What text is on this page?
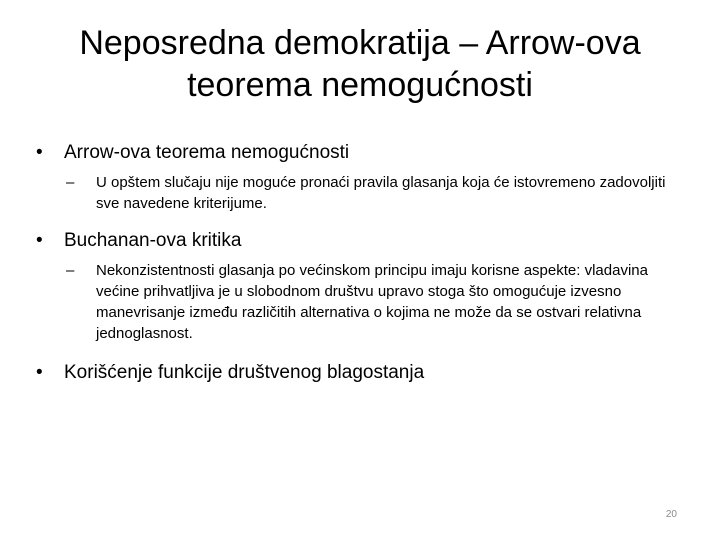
Neposredna demokratija – Arrow-ova
teorema nemogućnosti
•	Arrow-ova teorema nemogućnosti
–	U opštem slučaju nije moguće pronaći pravila glasanja koja će istovremeno zadovoljiti sve navedene kriterijume.
•	Buchanan-ova kritika
–	Nekonzistentnosti glasanja po većinskom principu imaju korisne aspekte: vladavina većine prihvatljiva je u slobodnom društvu upravo stoga što omogućuje izvesno manevrisanje između različitih alternativa o kojima ne može da se ostvari relativna jednoglasnost.
•	Korišćenje funkcije društvenog blagostanja
20
